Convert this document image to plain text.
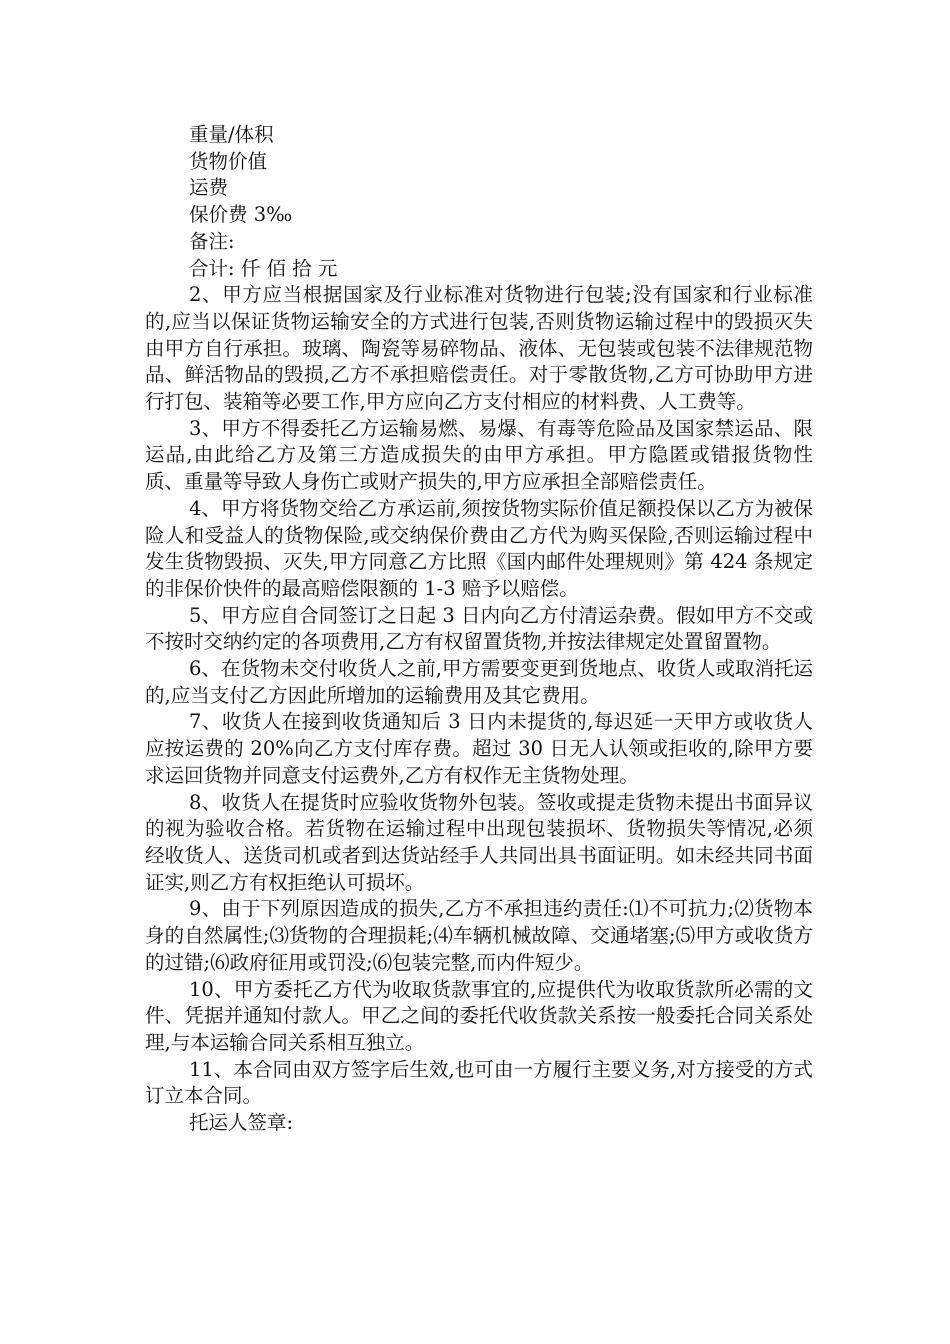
重量/体积
货物价值
运费
保价费 3‰
备注:
合计: 仟 佰 拾 元

2、甲方应当根据国家及行业标准对货物进行包装;没有国家和行业标准的,应当以保证货物运输安全的方式进行包装,否则货物运输过程中的毁损灭失由甲方自行承担。玻璃、陶瓷等易碎物品、液体、无包装或包装不法律规范物品、鲜活物品的毁损,乙方不承担赔偿责任。对于零散货物,乙方可协助甲方进行打包、装箱等必要工作,甲方应向乙方支付相应的材料费、人工费等。

3、甲方不得委托乙方运输易燃、易爆、有毒等危险品及国家禁运品、限运品,由此给乙方及第三方造成损失的由甲方承担。甲方隐匿或错报货物性质、重量等导致人身伤亡或财产损失的,甲方应承担全部赔偿责任。

4、甲方将货物交给乙方承运前,须按货物实际价值足额投保以乙方为被保险人和受益人的货物保险,或交纳保价费由乙方代为购买保险,否则运输过程中发生货物毁损、灭失,甲方同意乙方比照《国内邮件处理规则》第 424 条规定的非保价快件的最高赔偿限额的 1-3 赔予以赔偿。

5、甲方应自合同签订之日起 3 日内向乙方付清运杂费。假如甲方不交或不按时交纳约定的各项费用,乙方有权留置货物,并按法律规定处置留置物。

6、在货物未交付收货人之前,甲方需要变更到货地点、收货人或取消托运的,应当支付乙方因此所增加的运输费用及其它费用。

7、收货人在接到收货通知后 3 日内未提货的,每迟延一天甲方或收货人应按运费的 20%向乙方支付库存费。超过 30 日无人认领或拒收的,除甲方要求运回货物并同意支付运费外,乙方有权作无主货物处理。

8、收货人在提货时应验收货物外包装。签收或提走货物未提出书面异议的视为验收合格。若货物在运输过程中出现包装损坏、货物损失等情况,必须经收货人、送货司机或者到达货站经手人共同出具书面证明。如未经共同书面证实,则乙方有权拒绝认可损坏。

9、由于下列原因造成的损失,乙方不承担违约责任:⑴不可抗力;⑵货物本身的自然属性;⑶货物的合理损耗;⑷车辆机械故障、交通堵塞;⑸甲方或收货方的过错;⑹政府征用或罚没;⑹包装完整,而内件短少。

10、甲方委托乙方代为收取货款事宜的,应提供代为收取货款所必需的文件、凭据并通知付款人。甲乙之间的委托代收货款关系按一般委托合同关系处理,与本运输合同关系相互独立。

11、本合同由双方签字后生效,也可由一方履行主要义务,对方接受的方式订立本合同。

托运人签章:
